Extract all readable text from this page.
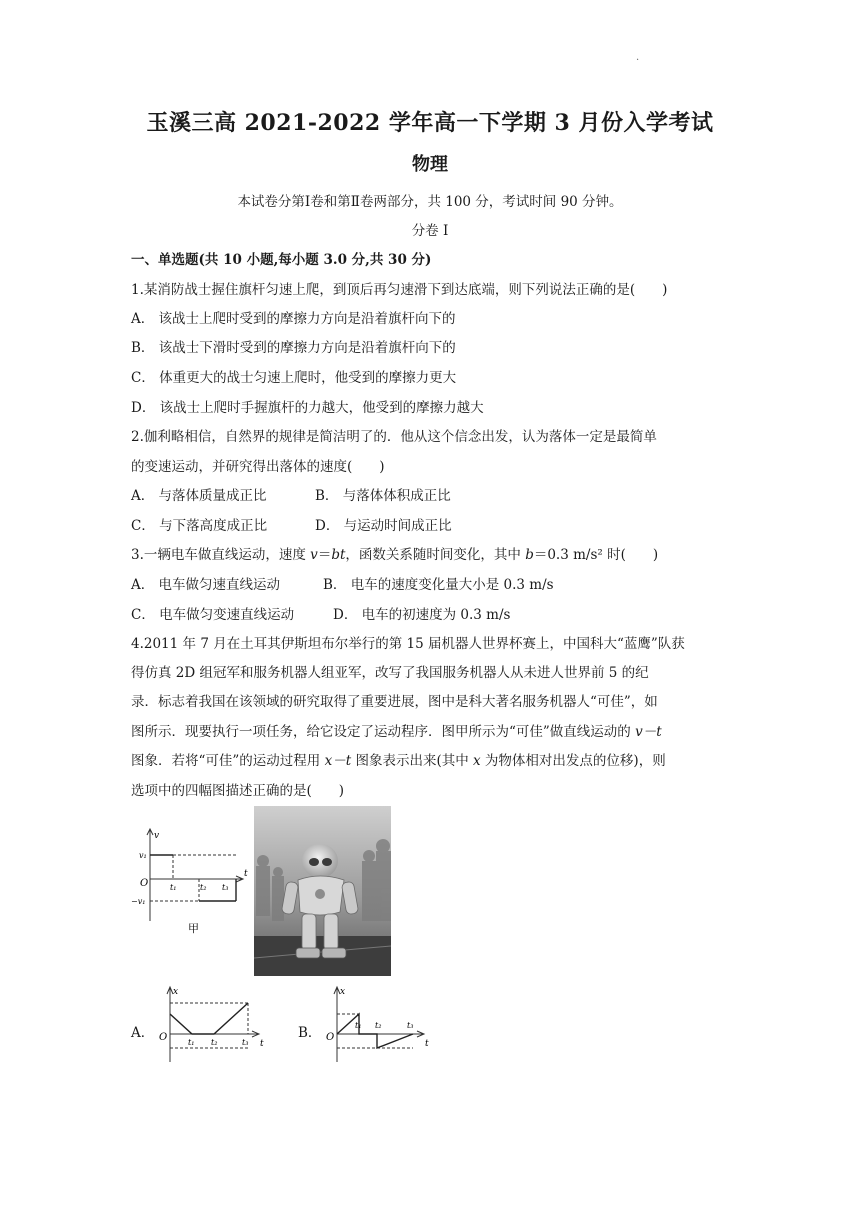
.
玉溪三高 2021-2022 学年高一下学期 3 月份入学考试
物理
本试卷分第Ⅰ卷和第Ⅱ卷两部分，共 100 分，考试时间 90 分钟。
分卷 I
一、单选题(共 10 小题,每小题 3.0 分,共 30 分)
1.某消防战士握住旗杆匀速上爬，到顶后再匀速滑下到达底端，则下列说法正确的是(　　)
A． 该战士上爬时受到的摩擦力方向是沿着旗杆向下的
B． 该战士下滑时受到的摩擦力方向是沿着旗杆向下的
C． 体重更大的战士匀速上爬时，他受到的摩擦力更大
D． 该战士上爬时手握旗杆的力越大，他受到的摩擦力越大
2.伽利略相信，自然界的规律是简洁明了的．他从这个信念出发，认为落体一定是最简单
的变速运动，并研究得出落体的速度(　　)
A． 与落体质量成正比	B． 与落体体积成正比
C． 与下落高度成正比	D． 与运动时间成正比
3.一辆电车做直线运动，速度 v＝bt，函数关系随时间变化，其中 b＝0.3 m/s² 时(　　)
A． 电车做匀速直线运动	B． 电车的速度变化量大小是 0.3 m/s
C． 电车做匀变速直线运动	D． 电车的初速度为 0.3 m/s
4.2011 年 7 月在土耳其伊斯坦布尔举行的第 15 届机器人世界杯赛上，中国科大“蓝鹰”队获
得仿真 2D 组冠军和服务机器人组亚军，改写了我国服务机器人从未进人世界前 5 的纪
录．标志着我国在该领域的研究取得了重要进展，图中是科大著名服务机器人“可佳”，如
图所示．现要执行一项任务，给它设定了运动程序．图甲所示为“可佳”做直线运动的 v－t
图象．若将“可佳”的运动过程用 x－t 图象表示出来(其中 x 为物体相对出发点的位移)，则
选项中的四幅图描述正确的是(　　)
v
t
O
v₁
−v₁
t₁	t₂ t₃
甲
A．
x
t
O	t₁ t₂	t₃
B．
x
t
O
t₁ t₂	t₃
